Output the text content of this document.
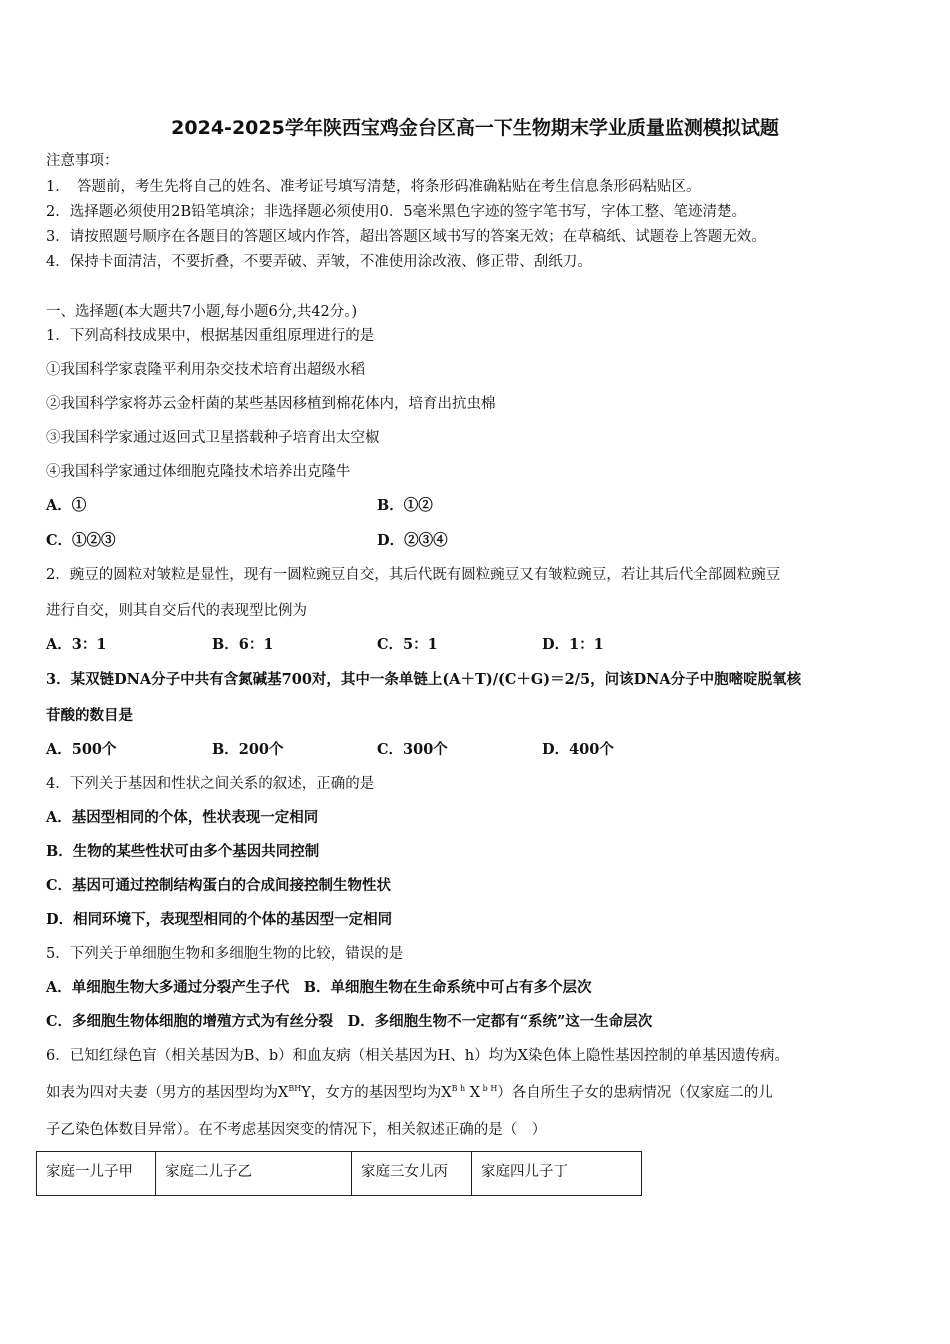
2024-2025学年陕西宝鸡金台区高一下生物期末学业质量监测模拟试题
注意事项：
1．　答题前，考生先将自己的姓名、准考证号填写清楚，将条形码准确粘贴在考生信息条形码粘贴区。
2．选择题必须使用2B铅笔填涂；非选择题必须使用0．5毫米黑色字迹的签字笔书写，字体工整、笔迹清楚。
3．请按照题号顺序在各题目的答题区域内作答，超出答题区域书写的答案无效；在草稿纸、试题卷上答题无效。
4．保持卡面清洁，不要折叠，不要弄破、弄皱，不准使用涂改液、修正带、刮纸刀。
一、选择题(本大题共7小题,每小题6分,共42分。)
1．下列高科技成果中，根据基因重组原理进行的是
①我国科学家袁隆平利用杂交技术培育出超级水稻
②我国科学家将苏云金杆菌的某些基因移植到棉花体内，培育出抗虫棉
③我国科学家通过返回式卫星搭载种子培育出太空椒
④我国科学家通过体细胞克隆技术培养出克隆牛
A．①	B．①②
C．①②③	D．②③④
2．豌豆的圆粒对皱粒是显性，现有一圆粒豌豆自交，其后代既有圆粒豌豆又有皱粒豌豆，若让其后代全部圆粒豌豆
进行自交，则其自交后代的表现型比例为
A．3：1	B．6：1	C．5：1	D．1：1
3．某双链DNA分子中共有含氮碱基700对，其中一条单链上(A＋T)/(C＋G)＝2/5，问该DNA分子中胞嘧啶脱氧核
苷酸的数目是
A．500个	B．200个	C．300个	D．400个
4．下列关于基因和性状之间关系的叙述，正确的是
A．基因型相同的个体，性状表现一定相同
B．生物的某些性状可由多个基因共同控制
C．基因可通过控制结构蛋白的合成间接控制生物性状
D．相同环境下，表现型相同的个体的基因型一定相同
5．下列关于单细胞生物和多细胞生物的比较，错误的是
A．单细胞生物大多通过分裂产生子代　B．单细胞生物在生命系统中可占有多个层次
C．多细胞生物体细胞的增殖方式为有丝分裂　D．多细胞生物不一定都有“系统”这一生命层次
6．已知红绿色盲（相关基因为B、b）和血友病（相关基因为H、h）均为X染色体上隐性基因控制的单基因遗传病。
如表为四对夫妻（男方的基因型均为$X^{BH}Y$，女方的基因型均为$X^{B h}$ X $^{b H}$）各自所生子女的患病情况（仅家庭二的儿
子乙染色体数目异常）。在不考虑基因突变的情况下，相关叙述正确的是（　）
家庭一儿子甲	家庭二儿子乙	家庭三女儿丙	家庭四儿子丁
